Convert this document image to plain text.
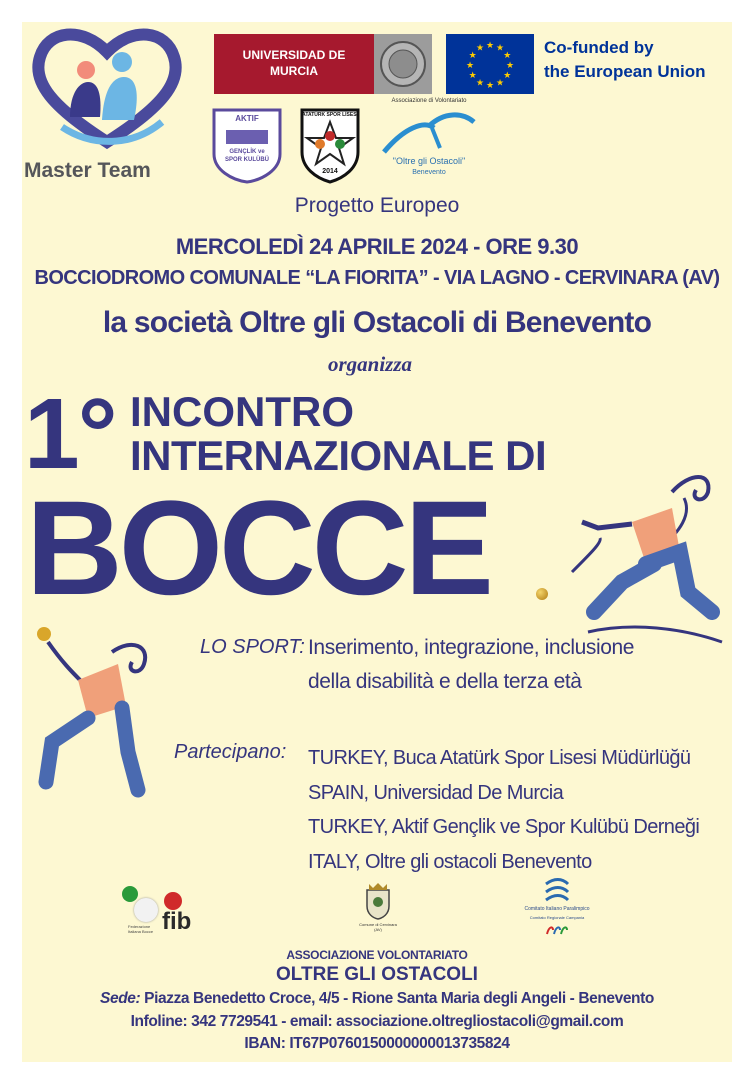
Master Team
UNIVERSIDAD DE
MURCIA
★ ★
★
★
★
★
★
★
★
★
★
★	Co-funded by
the European Union
AKTIF
GENÇLİK ve SPOR KULÜBÜ
ATATÜRK SPOR LİSESİ
2014
Associazione di Volontariato
"Oltre gli Ostacoli"
Benevento
Progetto Europeo
MERCOLEDÌ 24 APRILE 2024 - ORE 9.30
BOCCIODROMO COMUNALE “LA FIORITA” - VIA LAGNO - CERVINARA (AV)
la società Oltre gli Ostacoli di Benevento
organizza
1° INCONTRO
INTERNAZIONALE DI
BOCCE
LO SPORT: Inserimento, integrazione, inclusione
della disabilità e della terza età
Partecipano: TURKEY, Buca Atatürk Spor Lisesi Müdürlüğü
SPAIN, Universidad De Murcia
TURKEY, Aktif Gençlik ve Spor Kulübü Derneği
ITALY, Oltre gli ostacoli Benevento
fib
Federazione Italiana Bocce
Comune di Cervinara (AV)
Comitato Italiano Paralimpico
Comitato Regionale Campania
ASSOCIAZIONE VOLONTARIATO
OLTRE GLI OSTACOLI
Sede: Piazza Benedetto Croce, 4/5 - Rione Santa Maria degli Angeli - Benevento
Infoline: 342 7729541 - email: associazione.oltregliostacoli@gmail.com
IBAN: IT67P0760150000000013735824
